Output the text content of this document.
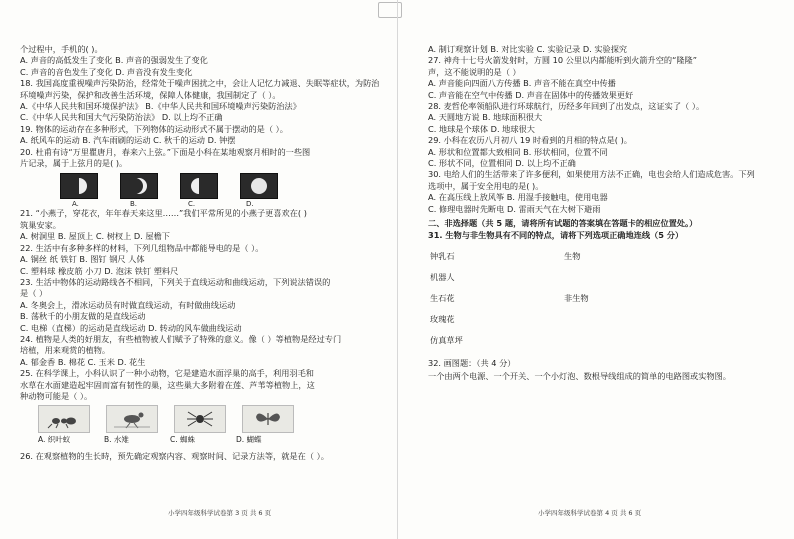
个过程中，手机的( )。
A. 声音的高低发生了变化 B. 声音的强弱发生了变化
C. 声音的音色发生了变化 D. 声音没有发生变化
18. 我国高度重视噪声污染防治，经常处于噪声困扰之中，会让人记忆力减退、失眠等症状，为防治
环境噪声污染，保护和改善生活环境，保障人体健康，我国制定了（ ）。
A.《中华人民共和国环境保护法》 B.《中华人民共和国环境噪声污染防治法》
C.《中华人民共和国大气污染防治法》 D. 以上均不正确
19. 物体的运动存在多种形式，下列物体的运动形式不属于摆动的是（ ）。
A. 纸风车的运动 B. 汽车雨刷的运动 C. 秋千的运动 D. 钟摆
20. 杜甫有诗“万里瞿唐月，春来六上弦。”下面是小科在某地观察月相时的一些图
片记录，属于上弦月的是( )。
A.	B.	C.	D.
21. “小燕子，穿花衣，年年春天来这里……”我们平常所见的小燕子更喜欢在( )
筑巢安家。
A. 树洞里 B. 屋顶上 C. 树杈上 D. 屋檐下
22. 生活中有多种多样的材料，下列几组物品中都能导电的是（ ）。
A. 铜丝 纸 铁钉 B. 图钉 钢尺 人体
C. 塑料球 橡皮筋 小刀 D. 泡沫 铁钉 塑料尺
23. 生活中物体的运动路线各不相同，下列关于直线运动和曲线运动，下列说法错误的
是（ ）
A. 冬奥会上，滑冰运动员有时做直线运动，有时做曲线运动
B. 荡秋千的小朋友做的是直线运动
C. 电梯（直梯）的运动是直线运动 D. 转动的风车做曲线运动
24. 植物是人类的好朋友，有些植物被人们赋予了特殊的意义。像（ ）等植物是经过专门
培植，用来观赏的植物。
A. 郁金香 B. 棉花 C. 玉米 D. 花生
25. 在科学课上，小科认识了一种小动物，它是建造水面浮巢的高手，利用羽毛和
水草在水面建造起牢固而富有韧性的巢，这些巢大多附着在莲、芦苇等植物上，这
种动物可能是（ ）。
A. 织叶蚁	B. 水雉	C. 蜘蛛	D. 蝴蝶
26. 在观察植物的生长時，预先确定观察内容、观察时间、记录方法等，就是在（ ）。
小学四年级科学试卷第 3 页 共 6 页
A. 制订观察计划 B. 对比实验 C. 实验记录 D. 实验探究
27. 神舟十七号火箭发射时，方圆 10 公里以内都能听到火箭升空的“隆隆”
声，这不能说明的是（ ）
A. 声音能向四面八方传播 B. 声音不能在真空中传播
C. 声音能在空气中传播 D. 声音在固体中的传播效果更好
28. 麦哲伦率领船队进行环球航行，历经多年回到了出发点，这证实了（ ）。
A. 天圆地方说 B. 地球面积很大
C. 地球是个球体 D. 地球很大
29. 小科在农历八月初八 19 时看到的月相的特点是( )。
A. 形状和位置都大致相同 B. 形状相同，位置不同
C. 形状不同，位置相同 D. 以上均不正确
30. 电给人们的生活带来了许多便利，如果使用方法不正确，电也会给人们造成危害。下列
选项中，属于安全用电的是( )。
A. 在高压线上放风筝 B. 用湿手接触电，使用电器
C. 修理电器时先断电 D. 雷雨天气在大树下避雨
二、非选择题（共 5 题，请将所有试题的答案填在答题卡的相应位置处。）
31. 生物与非生物具有不同的特点，请将下列选项正确地连线（5 分）
钟乳石	生物
机器人
生石花	非生物
玫瑰花
仿真草坪
32. 画图题：（共 4 分）
一个由两个电源、一个开关、一个小灯泡、数根导线组成的简单的电路图或实物图。
小学四年级科学试卷第 4 页 共 6 页
